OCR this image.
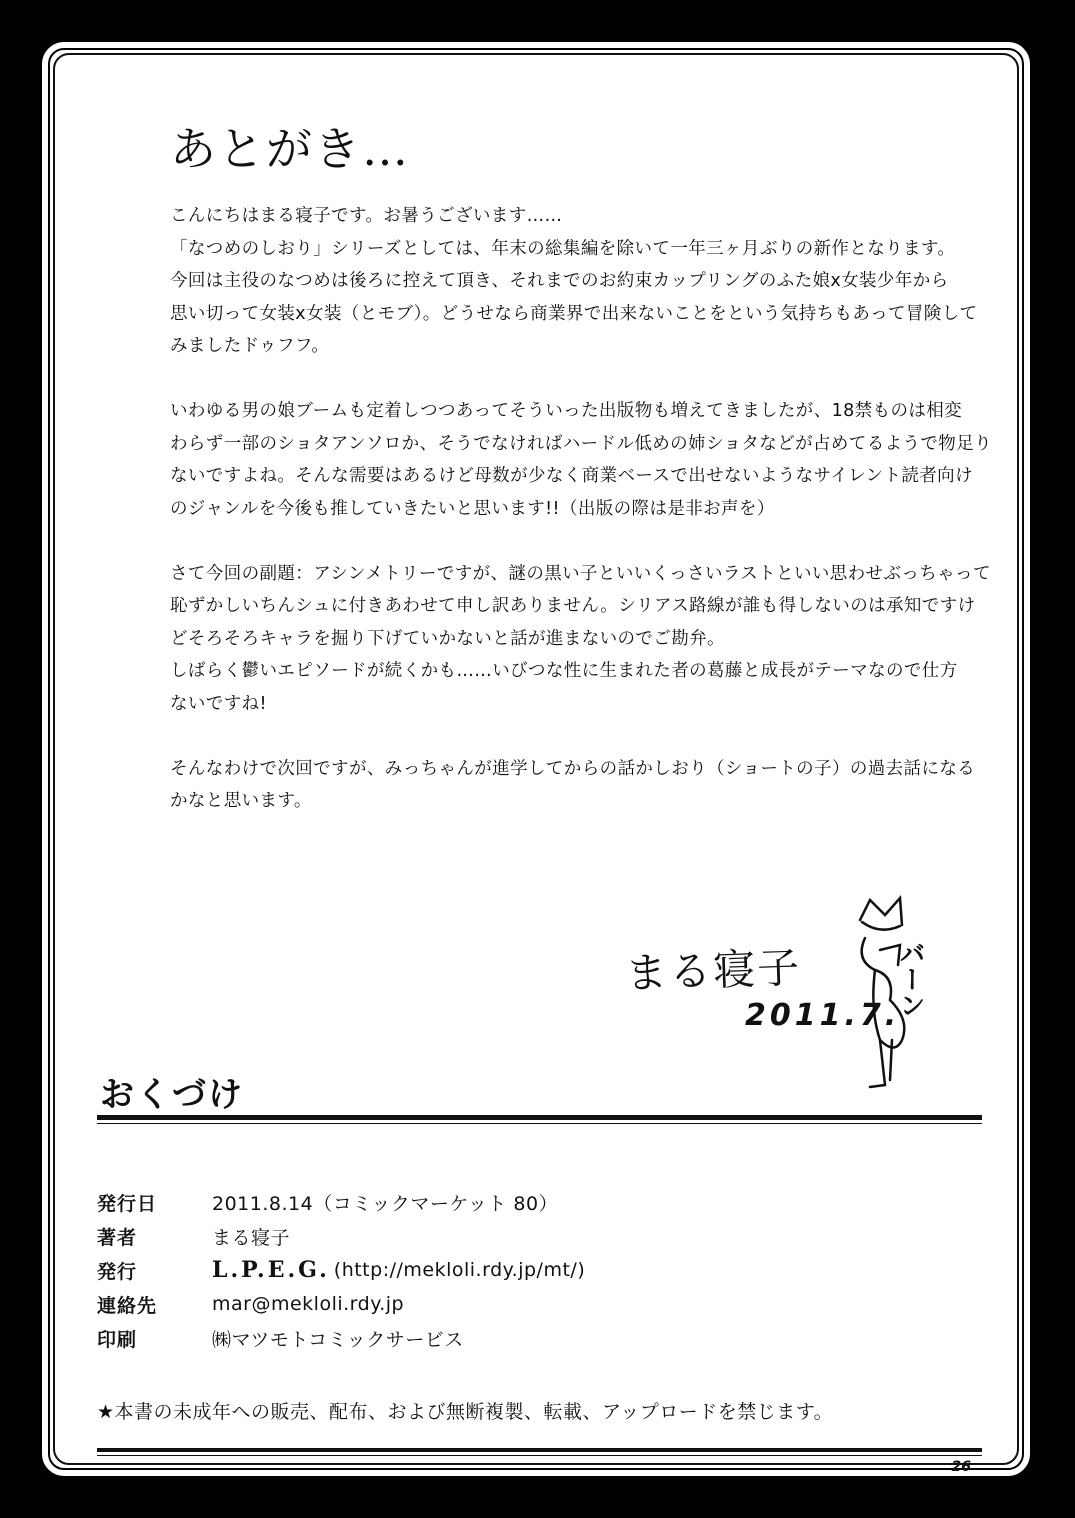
あとがき…

こんにちはまる寝子です。お暑うございます……
「なつめのしおり」シリーズとしては、年末の総集編を除いて一年三ヶ月ぶりの新作となります。
今回は主役のなつめは後ろに控えて頂き、それまでのお約束カップリングのふた娘x女装少年から
思い切って女装x女装（とモブ）。どうせなら商業界で出来ないことをという気持ちもあって冒険して
みましたドゥフフ。

いわゆる男の娘ブームも定着しつつあってそういった出版物も増えてきましたが、18禁ものは相変
わらず一部のショタアンソロか、そうでなければハードル低めの姉ショタなどが占めてるようで物足り
ないですよね。そんな需要はあるけど母数が少なく商業ベースで出せないようなサイレント読者向け
のジャンルを今後も推していきたいと思います!!（出版の際は是非お声を）

さて今回の副題：アシンメトリーですが、謎の黒い子といいくっさいラストといい思わせぶっちゃって
恥ずかしいちんシュに付きあわせて申し訳ありません。シリアス路線が誰も得しないのは承知ですけ
どそろそろキャラを掘り下げていかないと話が進まないのでご勘弁。
しばらく鬱いエピソードが続くかも……いびつな性に生まれた者の葛藤と成長がテーマなので仕方
ないですね!

そんなわけで次回ですが、みっちゃんが進学してからの話かしおり（ショートの子）の過去話になる
かなと思います。

まる寝子
2011.7.
バーン
おくづけ
発行日	2011.8.14（コミックマーケット 80）
著者	まる寝子
発行	L.P.E.G. (http://mekloli.rdy.jp/mt/)
連絡先	mar@mekloli.rdy.jp
印刷	㈱マツモトコミックサービス
★本書の未成年への販売、配布、および無断複製、転載、アップロードを禁じます。
26
